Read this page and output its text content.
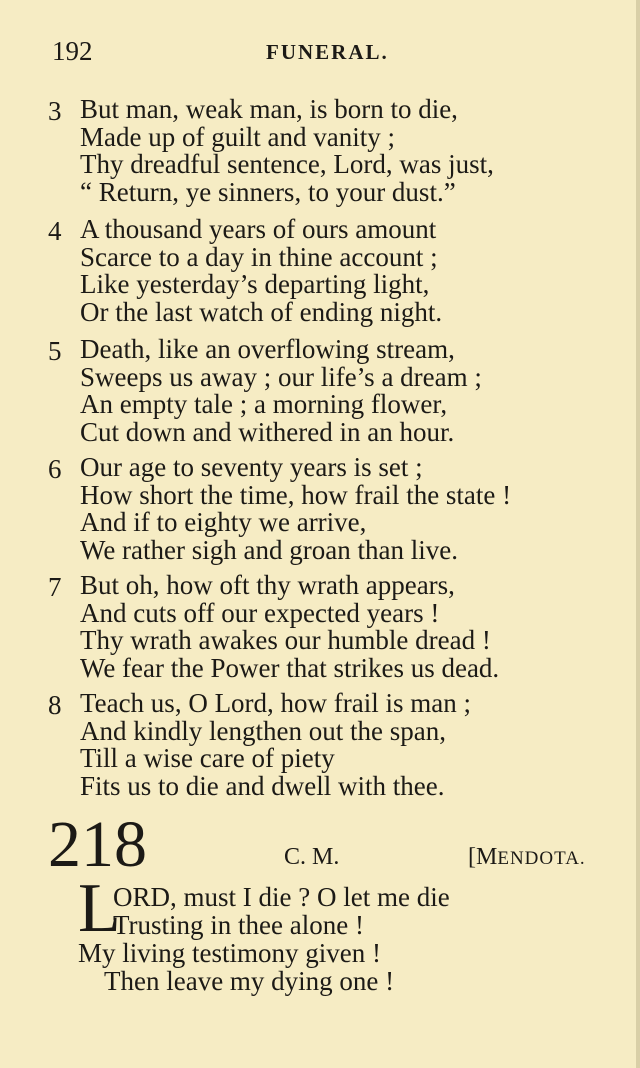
192	FUNERAL.
3 But man, weak man, is born to die,
Made up of guilt and vanity ;
Thy dreadful sentence, Lord, was just,
“ Return, ye sinners, to your dust.”
4 A thousand years of ours amount
Scarce to a day in thine account ;
Like yesterday’s departing light,
Or the last watch of ending night.
5 Death, like an overflowing stream,
Sweeps us away ; our life’s a dream ;
An empty tale ; a morning flower,
Cut down and withered in an hour.
6 Our age to seventy years is set ;
How short the time, how frail the state !
And if to eighty we arrive,
We rather sigh and groan than live.
7 But oh, how oft thy wrath appears,
And cuts off our expected years !
Thy wrath awakes our humble dread !
We fear the Power that strikes us dead.
8 Teach us, O Lord, how frail is man ;
And kindly lengthen out the span,
Till a wise care of piety
Fits us to die and dwell with thee.
218	C. M.	[MENDOTA.
L
ORD, must I die ? O let me die
Trusting in thee alone !
My living testimony given !
Then leave my dying one !
